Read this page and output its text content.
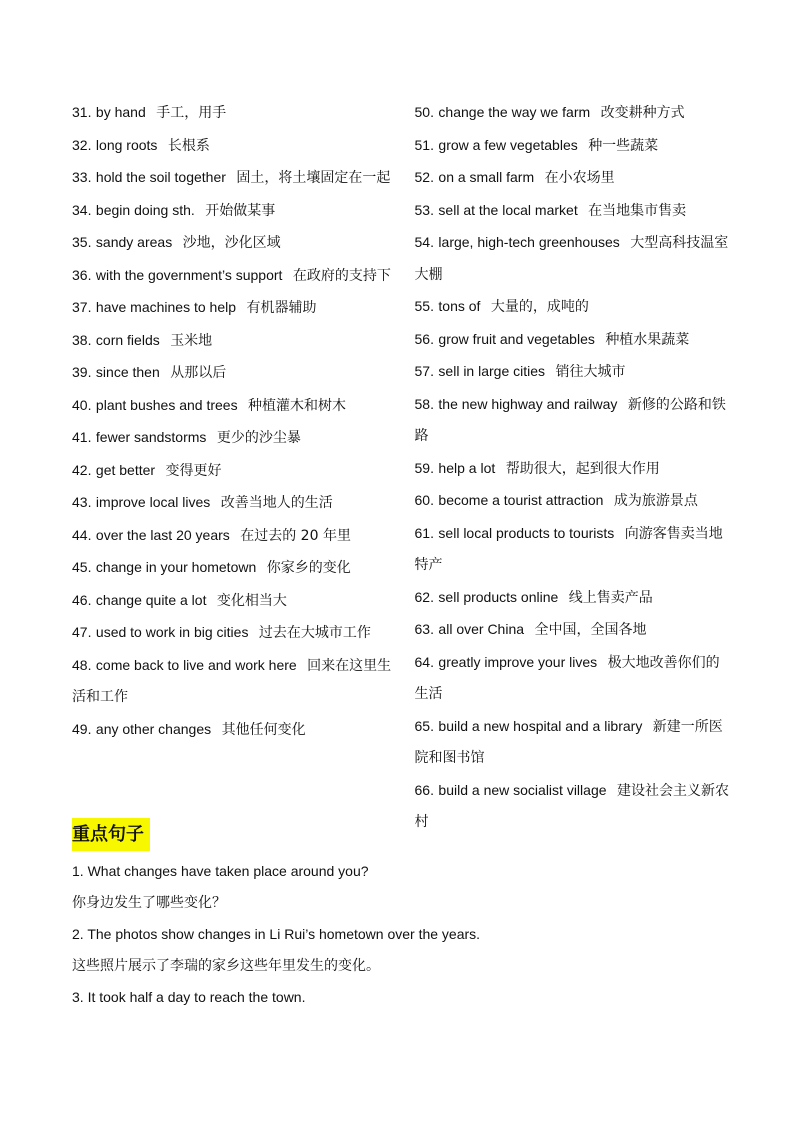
31. by hand 手工，用手

32. long roots 长根系

33. hold the soil together 固土，将土壤固定在一起

34. begin doing sth. 开始做某事

35. sandy areas 沙地，沙化区域

36. with the government’s support 在政府的支持下

37. have machines to help 有机器辅助

38. corn fields 玉米地

39. since then 从那以后

40. plant bushes and trees 种植灌木和树木

41. fewer sandstorms 更少的沙尘暴

42. get better 变得更好

43. improve local lives 改善当地人的生活

44. over the last 20 years 在过去的 20 年里

45. change in your hometown 你家乡的变化

46. change quite a lot 变化相当大

47. used to work in big cities 过去在大城市工作

48. come back to live and work here 回来在这里生活和工作

49. any other changes 其他任何变化

50. change the way we farm 改变耕种方式

51. grow a few vegetables 种一些蔬菜

52. on a small farm 在小农场里

53. sell at the local market 在当地集市售卖

54. large, high-tech greenhouses 大型高科技温室大棚

55. tons of 大量的，成吨的

56. grow fruit and vegetables 种植水果蔬菜

57. sell in large cities 销往大城市

58. the new highway and railway 新修的公路和铁路

59. help a lot 帮助很大，起到很大作用

60. become a tourist attraction 成为旅游景点

61. sell local products to tourists 向游客售卖当地特产

62. sell products online 线上售卖产品

63. all over China 全中国，全国各地

64. greatly improve your lives 极大地改善你们的生活

65. build a new hospital and a library 新建一所医院和图书馆

66. build a new socialist village 建设社会主义新农村

重点句子

1. What changes have taken place around you?

你身边发生了哪些变化？

2. The photos show changes in Li Rui’s hometown over the years.

这些照片展示了李瑞的家乡这些年里发生的变化。

3. It took half a day to reach the town.
